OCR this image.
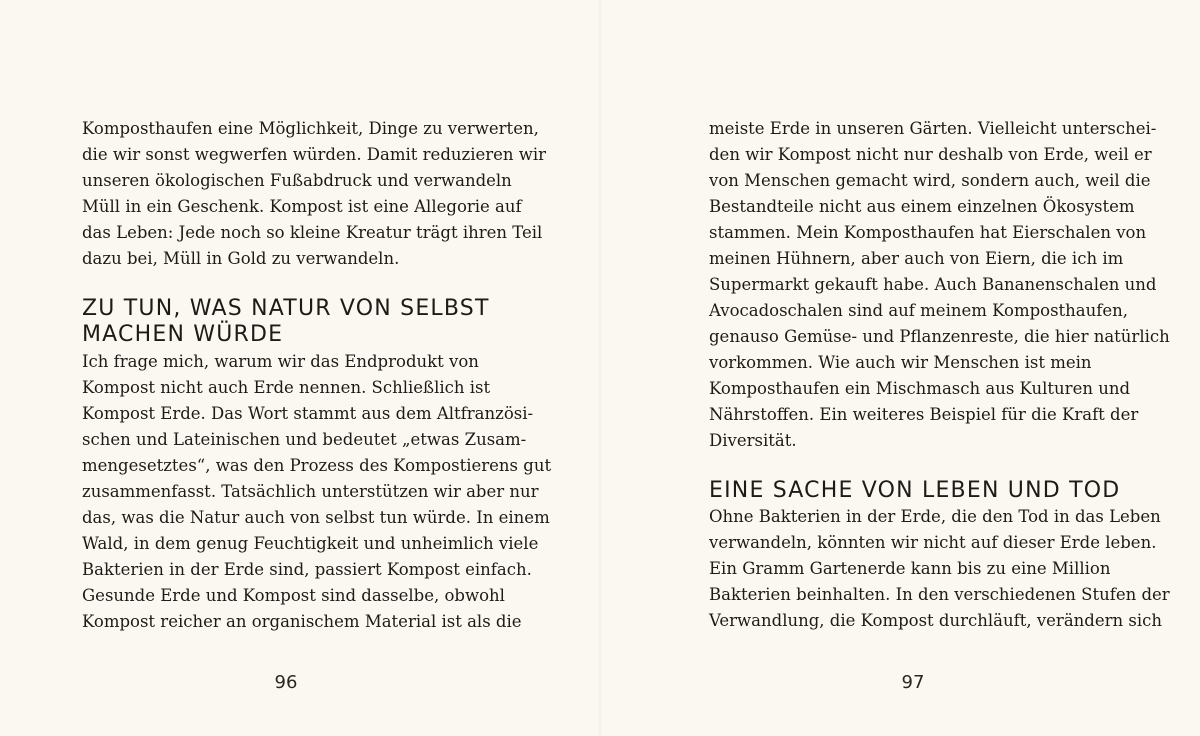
Komposthaufen eine Möglichkeit, Dinge zu verwerten,
die wir sonst wegwerfen würden. Damit reduzieren wir
unseren ökologischen Fußabdruck und verwandeln
Müll in ein Geschenk. Kompost ist eine Allegorie auf
das Leben: Jede noch so kleine Kreatur trägt ihren Teil
dazu bei, Müll in Gold zu verwandeln.
ZU TUN, WAS NATUR VON SELBST
MACHEN WÜRDE
Ich frage mich, warum wir das Endprodukt von
Kompost nicht auch Erde nennen. Schließlich ist
Kompost Erde. Das Wort stammt aus dem Altfranzösi-
schen und Lateinischen und bedeutet „etwas Zusam-
mengesetztes“, was den Prozess des Kompostierens gut
zusammenfasst. Tatsächlich unterstützen wir aber nur
das, was die Natur auch von selbst tun würde. In einem
Wald, in dem genug Feuchtigkeit und unheimlich viele
Bakterien in der Erde sind, passiert Kompost einfach.
Gesunde Erde und Kompost sind dasselbe, obwohl
Kompost reicher an organischem Material ist als die
96
meiste Erde in unseren Gärten. Vielleicht unterschei-
den wir Kompost nicht nur deshalb von Erde, weil er
von Menschen gemacht wird, sondern auch, weil die
Bestandteile nicht aus einem einzelnen Ökosystem
stammen. Mein Komposthaufen hat Eierschalen von
meinen Hühnern, aber auch von Eiern, die ich im
Supermarkt gekauft habe. Auch Bananenschalen und
Avocadoschalen sind auf meinem Komposthaufen,
genauso Gemüse- und Pflanzenreste, die hier natürlich
vorkommen. Wie auch wir Menschen ist mein
Komposthaufen ein Mischmasch aus Kulturen und
Nährstoffen. Ein weiteres Beispiel für die Kraft der
Diversität.
EINE SACHE VON LEBEN UND TOD
Ohne Bakterien in der Erde, die den Tod in das Leben
verwandeln, könnten wir nicht auf dieser Erde leben.
Ein Gramm Gartenerde kann bis zu eine Million
Bakterien beinhalten. In den verschiedenen Stufen der
Verwandlung, die Kompost durchläuft, verändern sich
97
